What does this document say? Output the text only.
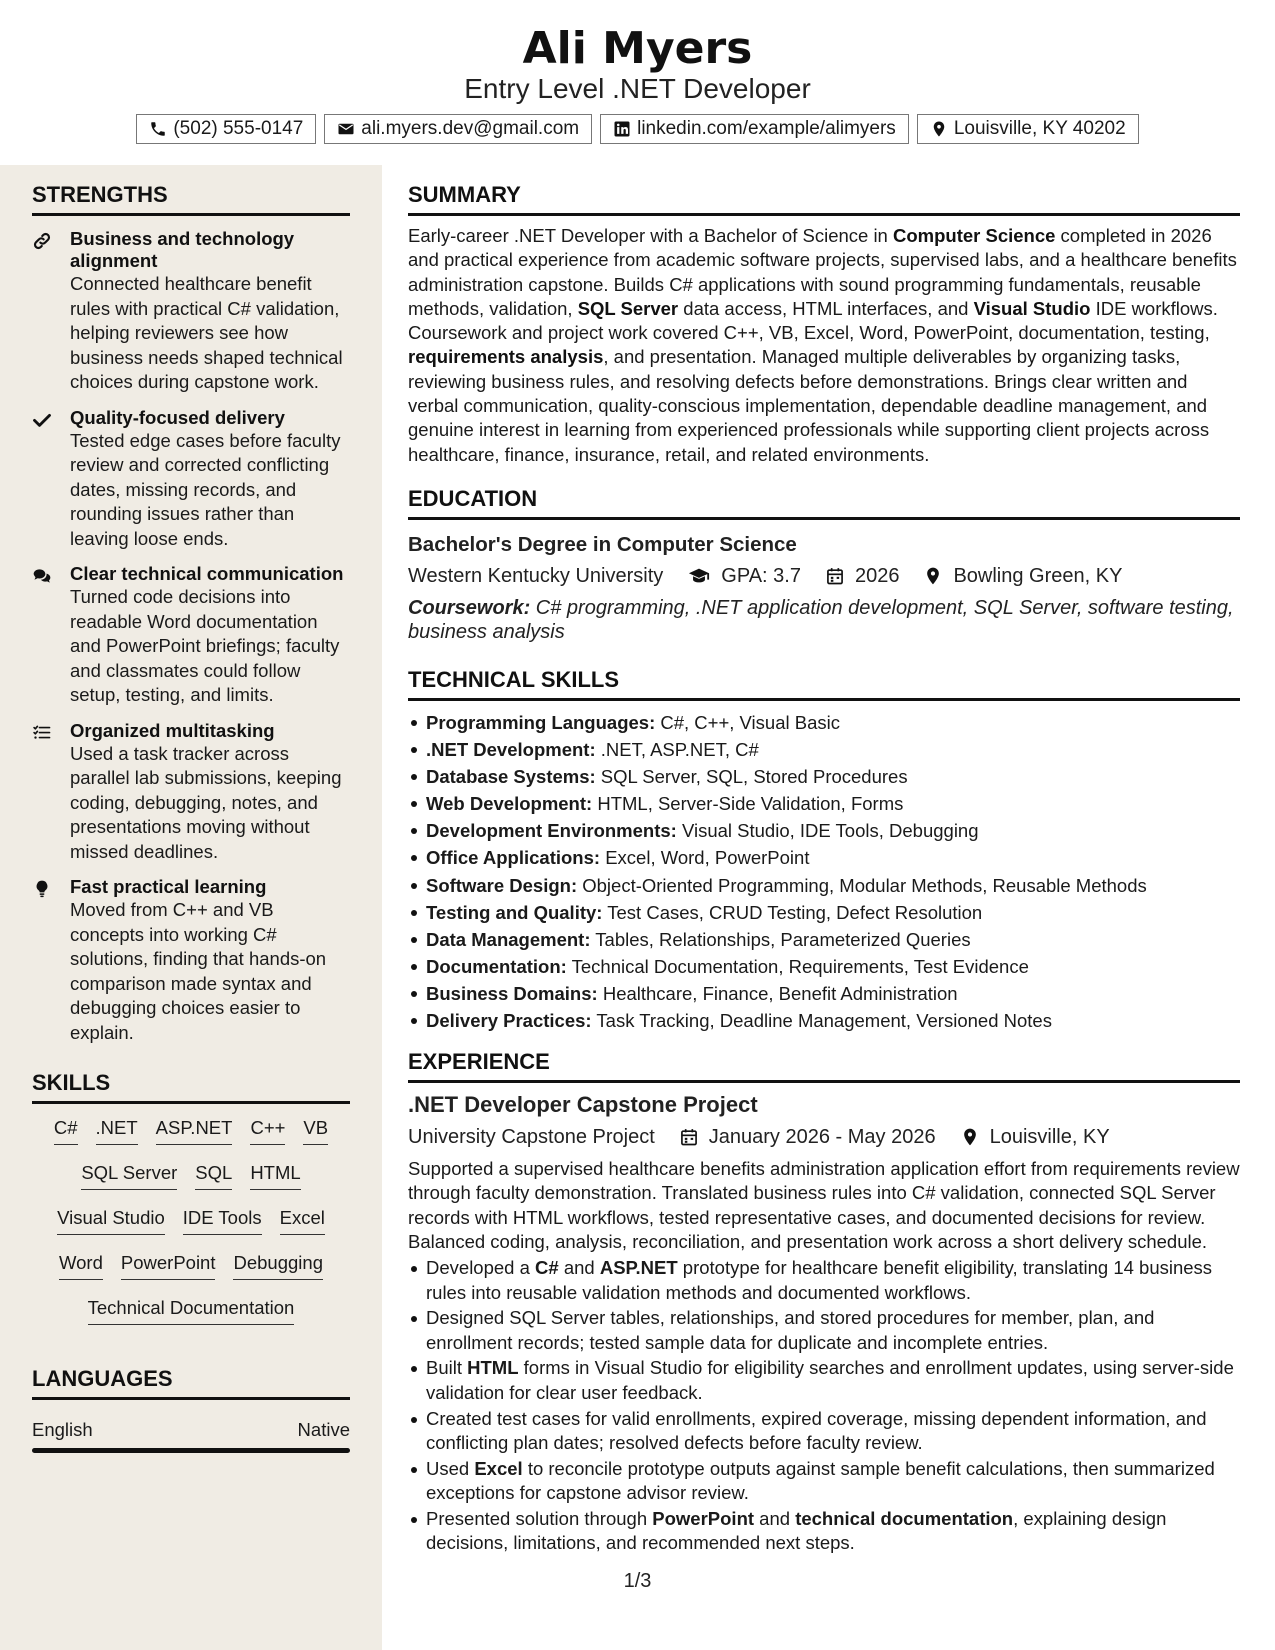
Ali Myers
Entry Level .NET Developer
(502) 555-0147	ali.myers.dev@gmail.com	linkedin.com/example/alimyers	Louisville, KY 40202
STRENGTHS
Business and technology alignment
Connected healthcare benefit rules with practical C# validation, helping reviewers see how business needs shaped technical choices during capstone work.
Quality-focused delivery
Tested edge cases before faculty review and corrected conflicting dates, missing records, and rounding issues rather than leaving loose ends.
Clear technical communication
Turned code decisions into readable Word documentation and PowerPoint briefings; faculty and classmates could follow setup, testing, and limits.
Organized multitasking
Used a task tracker across parallel lab submissions, keeping coding, debugging, notes, and presentations moving without missed deadlines.
Fast practical learning
Moved from C++ and VB concepts into working C# solutions, finding that hands-on comparison made syntax and debugging choices easier to explain.
SKILLS
C# .NET ASP.NET C++ VB
SQL Server SQL HTML
Visual Studio IDE Tools Excel
Word PowerPoint Debugging
Technical Documentation
LANGUAGES
English	Native
SUMMARY
Early-career .NET Developer with a Bachelor of Science in Computer Science completed in 2026 and practical experience from academic software projects, supervised labs, and a healthcare benefits administration capstone. Builds C# applications with sound programming fundamentals, reusable methods, validation, SQL Server data access, HTML interfaces, and Visual Studio IDE workflows. Coursework and project work covered C++, VB, Excel, Word, PowerPoint, documentation, testing, requirements analysis, and presentation. Managed multiple deliverables by organizing tasks, reviewing business rules, and resolving defects before demonstrations. Brings clear written and verbal communication, quality-conscious implementation, dependable deadline management, and genuine interest in learning from experienced professionals while supporting client projects across healthcare, finance, insurance, retail, and related environments.
EDUCATION
Bachelor's Degree in Computer Science
Western Kentucky University	GPA: 3.7	2026	Bowling Green, KY
Coursework: C# programming, .NET application development, SQL Server, software testing, business analysis
TECHNICAL SKILLS
Programming Languages: C#, C++, Visual Basic
.NET Development: .NET, ASP.NET, C#
Database Systems: SQL Server, SQL, Stored Procedures
Web Development: HTML, Server-Side Validation, Forms
Development Environments: Visual Studio, IDE Tools, Debugging
Office Applications: Excel, Word, PowerPoint
Software Design: Object-Oriented Programming, Modular Methods, Reusable Methods
Testing and Quality: Test Cases, CRUD Testing, Defect Resolution
Data Management: Tables, Relationships, Parameterized Queries
Documentation: Technical Documentation, Requirements, Test Evidence
Business Domains: Healthcare, Finance, Benefit Administration
Delivery Practices: Task Tracking, Deadline Management, Versioned Notes
EXPERIENCE
.NET Developer Capstone Project
University Capstone Project	January 2026 - May 2026	Louisville, KY
Supported a supervised healthcare benefits administration application effort from requirements review through faculty demonstration. Translated business rules into C# validation, connected SQL Server records with HTML workflows, tested representative cases, and documented decisions for review. Balanced coding, analysis, reconciliation, and presentation work across a short delivery schedule.
Developed a C# and ASP.NET prototype for healthcare benefit eligibility, translating 14 business rules into reusable validation methods and documented workflows.
Designed SQL Server tables, relationships, and stored procedures for member, plan, and enrollment records; tested sample data for duplicate and incomplete entries.
Built HTML forms in Visual Studio for eligibility searches and enrollment updates, using server-side validation for clear user feedback.
Created test cases for valid enrollments, expired coverage, missing dependent information, and conflicting plan dates; resolved defects before faculty review.
Used Excel to reconcile prototype outputs against sample benefit calculations, then summarized exceptions for capstone advisor review.
Presented solution through PowerPoint and technical documentation, explaining design decisions, limitations, and recommended next steps.
1/3
